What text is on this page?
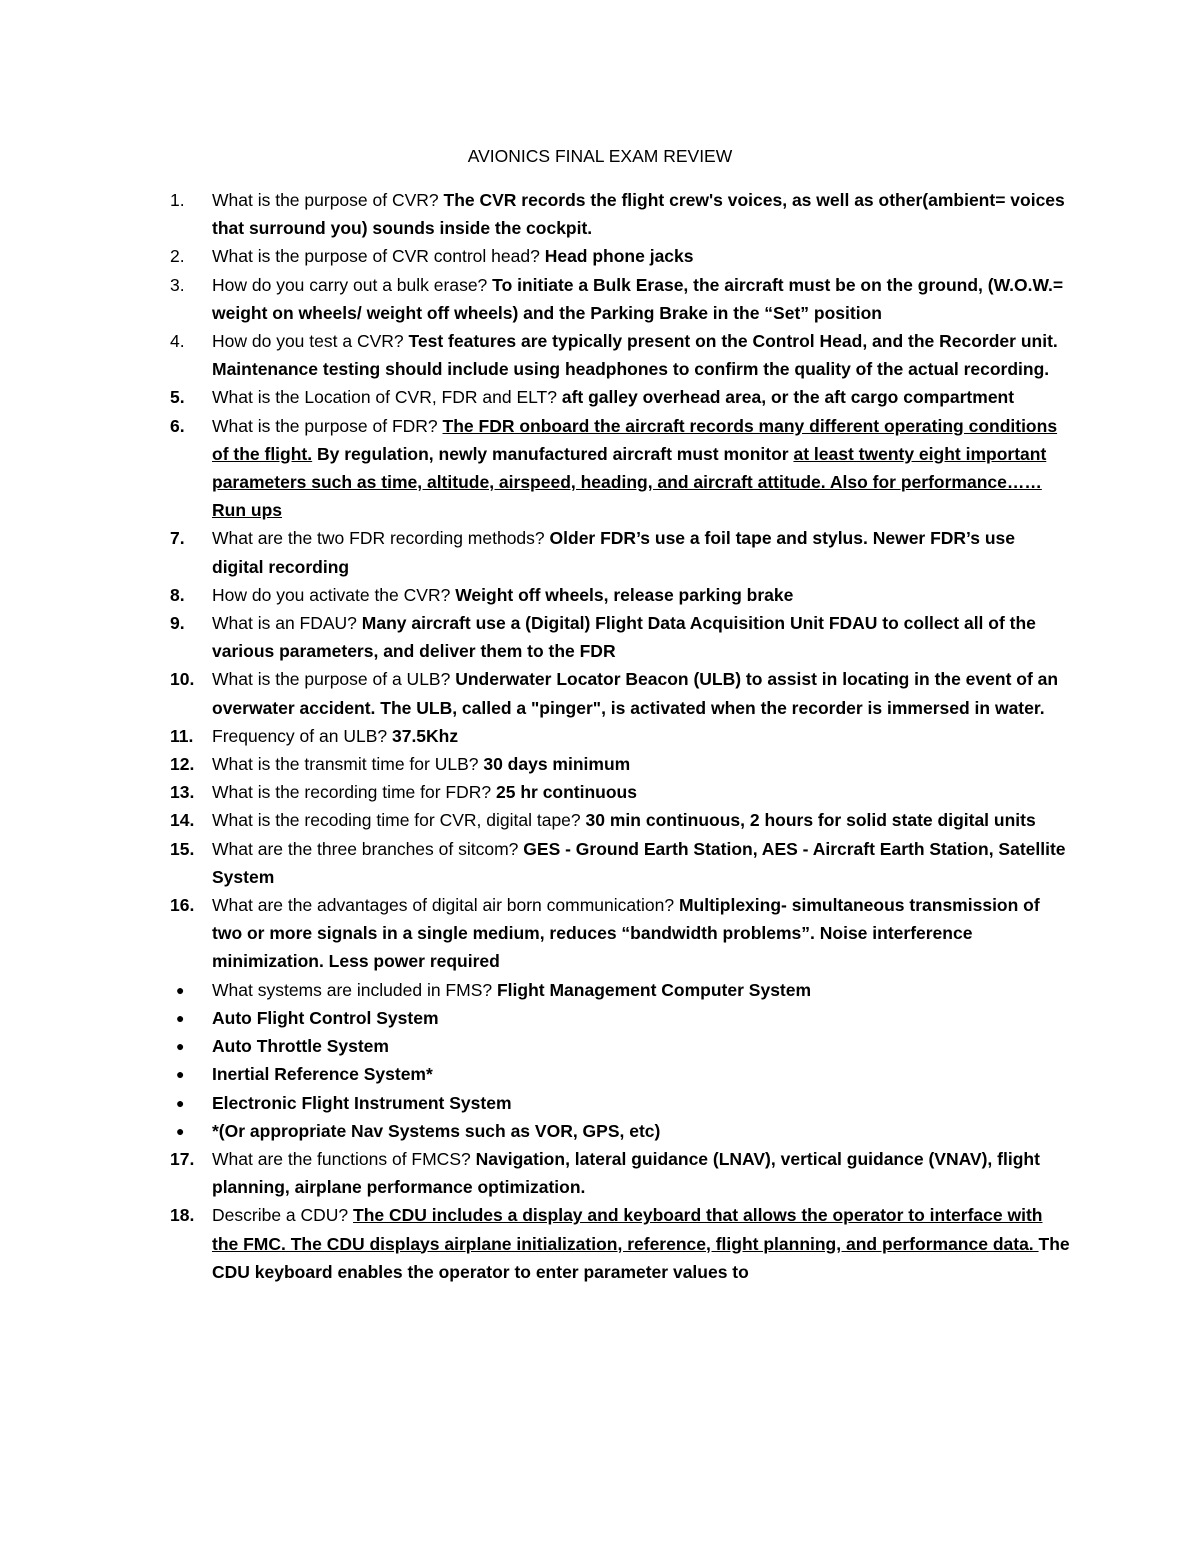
AVIONICS FINAL EXAM REVIEW
1. What is the purpose of CVR? The CVR records the flight crew's voices, as well as other(ambient= voices that surround you) sounds inside the cockpit.
2. What is the purpose of CVR control head? Head phone jacks
3. How do you carry out a bulk erase? To initiate a Bulk Erase, the aircraft must be on the ground, (W.O.W.= weight on wheels/ weight off wheels) and the Parking Brake in the “Set” position
4. How do you test a CVR? Test features are typically present on the Control Head, and the Recorder unit. Maintenance testing should include using headphones to confirm the quality of the actual recording.
5. What is the Location of CVR, FDR and ELT? aft galley overhead area, or the aft cargo compartment
6. What is the purpose of FDR? The FDR onboard the aircraft records many different operating conditions of the flight. By regulation, newly manufactured aircraft must monitor at least twenty eight important parameters such as time, altitude, airspeed, heading, and aircraft attitude. Also for performance…… Run ups
7. What are the two FDR recording methods? Older FDR’s use a foil tape and stylus. Newer FDR’s use digital recording
8. How do you activate the CVR? Weight off wheels, release parking brake
9. What is an FDAU? Many aircraft use a (Digital) Flight Data Acquisition Unit FDAU to collect all of the various parameters, and deliver them to the FDR
10. What is the purpose of a ULB? Underwater Locator Beacon (ULB) to assist in locating in the event of an overwater accident. The ULB, called a "pinger", is activated when the recorder is immersed in water.
11. Frequency of an ULB? 37.5Khz
12. What is the transmit time for ULB? 30 days minimum
13. What is the recording time for FDR? 25 hr continuous
14. What is the recoding time for CVR, digital tape? 30 min continuous, 2 hours for solid state digital units
15. What are the three branches of sitcom? GES - Ground Earth Station, AES - Aircraft Earth Station, Satellite System
16. What are the advantages of digital air born communication? Multiplexing- simultaneous transmission of two or more signals in a single medium, reduces “bandwidth problems”. Noise interference minimization. Less power required
● What systems are included in FMS? Flight Management Computer System
● Auto Flight Control System
● Auto Throttle System
● Inertial Reference System*
● Electronic Flight Instrument System
● *(Or appropriate Nav Systems such as VOR, GPS, etc)
17. What are the functions of FMCS? Navigation, lateral guidance (LNAV), vertical guidance (VNAV), flight planning, airplane performance optimization.
18. Describe a CDU? The CDU includes a display and keyboard that allows the operator to interface with the FMC. The CDU displays airplane initialization, reference, flight planning, and performance data. The CDU keyboard enables the operator to enter parameter values to
